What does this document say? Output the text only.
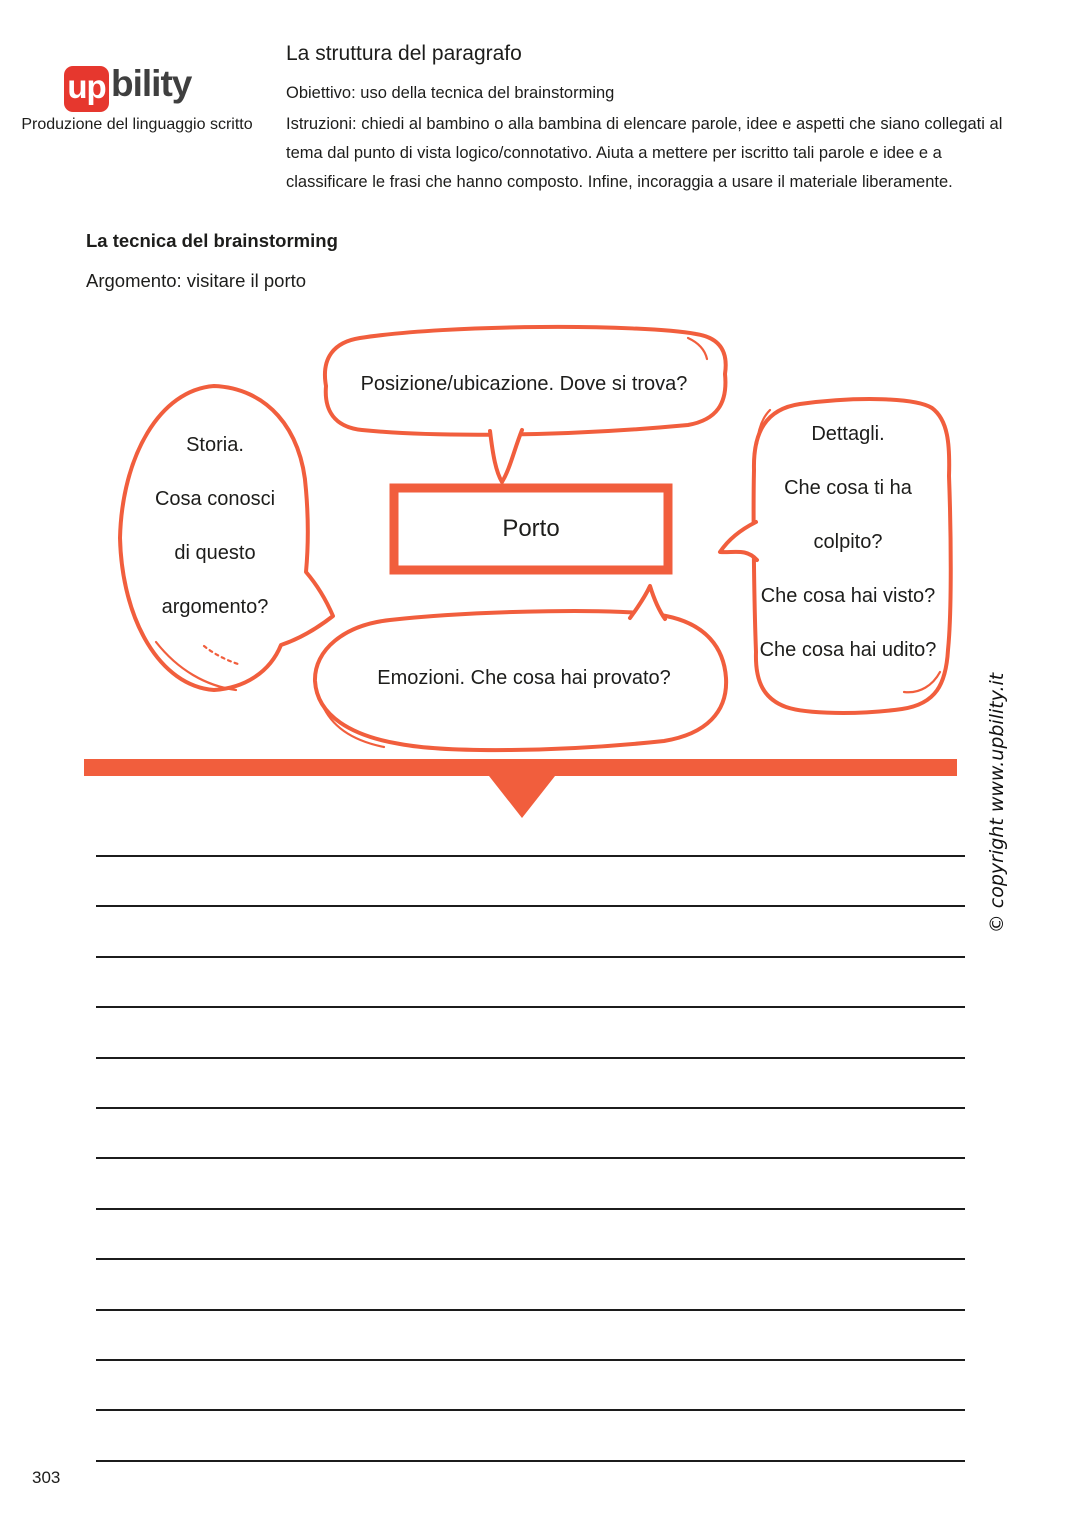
up bility
Produzione del linguaggio scritto
La struttura del paragrafo
Obiettivo: uso della tecnica del brainstorming
Istruzioni: chiedi al bambino o alla bambina di elencare parole, idee e aspetti che siano collegati al tema dal punto di vista logico/connotativo. Aiuta a mettere per iscritto tali parole e idee e a classificare le frasi che hanno composto. Infine, incoraggia a usare il materiale liberamente.
La tecnica del brainstorming
Argomento: visitare il porto
Posizione/ubicazione. Dove si trova?
Storia.
Cosa conosci
di questo
argomento?
Porto
Dettagli.
Che cosa ti ha
colpito?
Che cosa hai visto?
Che cosa hai udito?
Emozioni. Che cosa hai provato?	© copyright www.upbility.it
303
